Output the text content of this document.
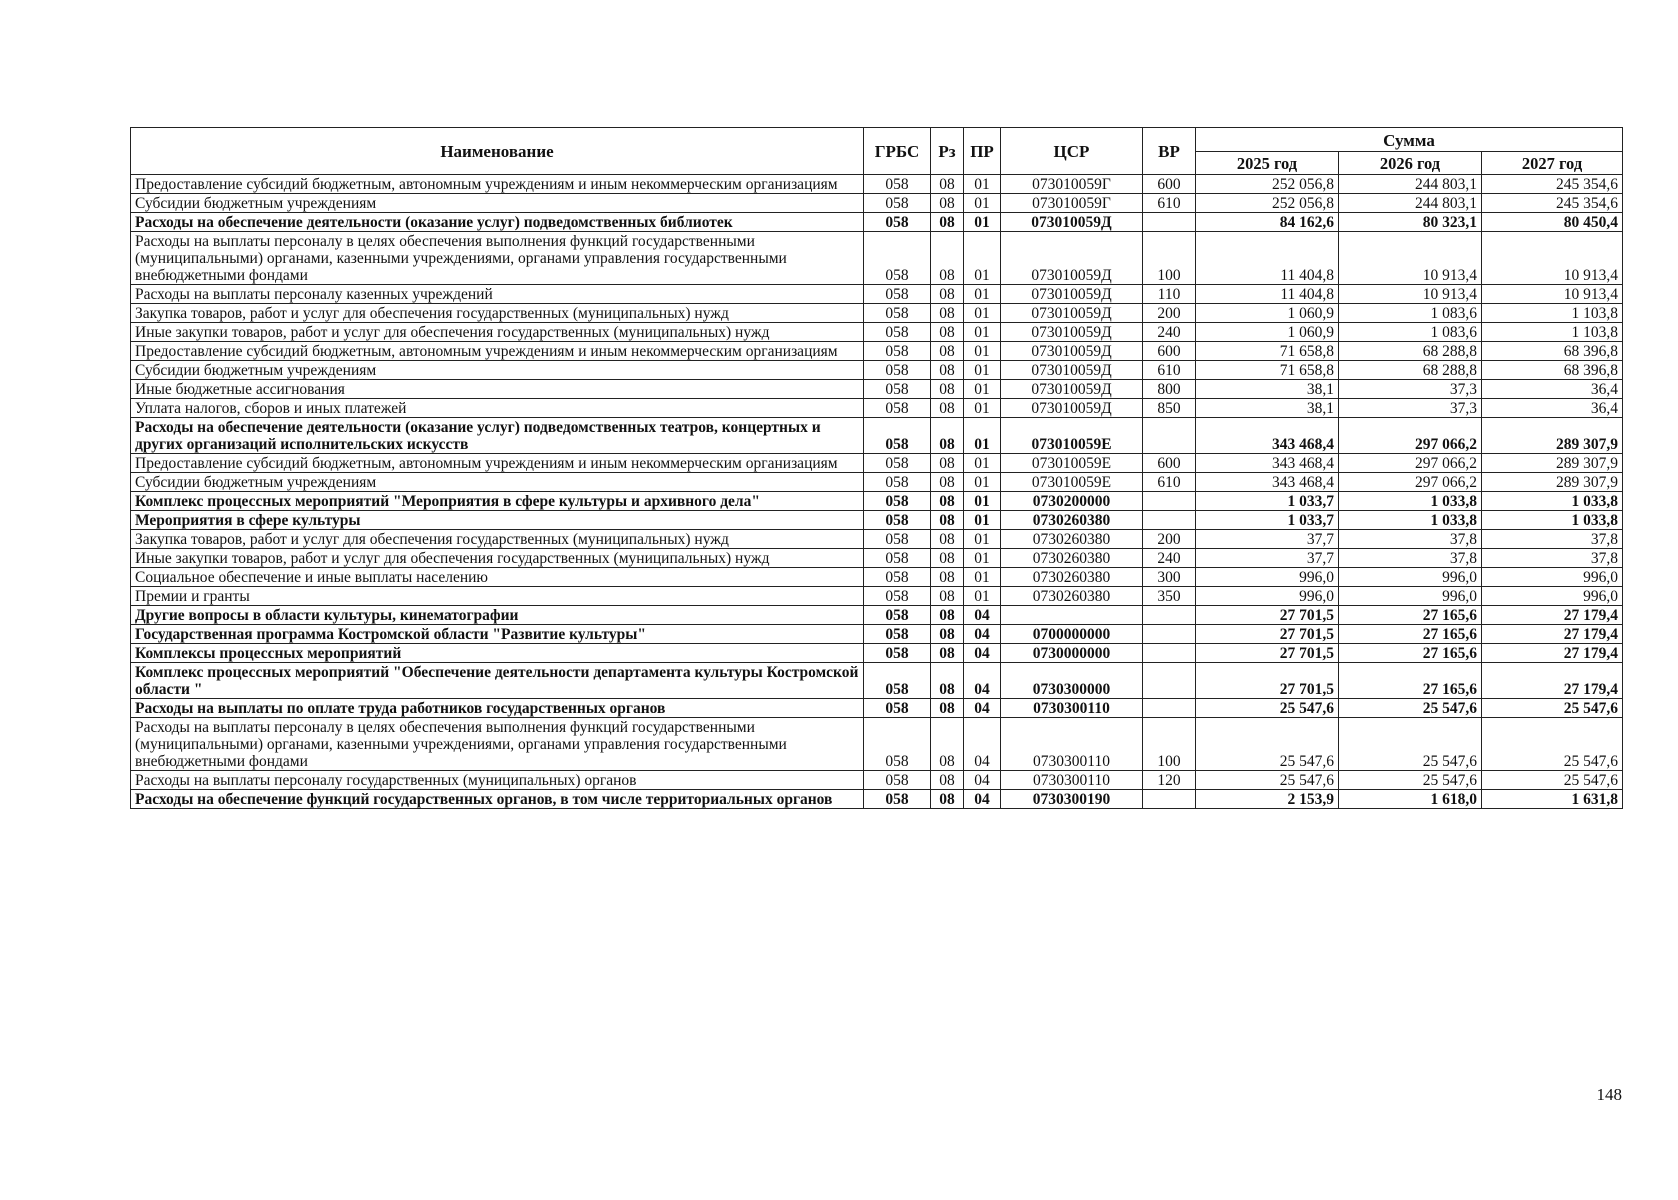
Наименование	ГРБС	Рз	ПР	ЦСР	ВР	Сумма		
						2025 год	2026 год	2027 год
Предоставление субсидий бюджетным, автономным учреждениям и иным некоммерческим организациям	058	08	01	073010059Г	600	252 056,8	244 803,1	245 354,6
Субсидии бюджетным учреждениям	058	08	01	073010059Г	610	252 056,8	244 803,1	245 354,6
Расходы на обеспечение деятельности (оказание услуг) подведомственных библиотек	058	08	01	073010059Д		84 162,6	80 323,1	80 450,4
Расходы на выплаты персоналу в целях обеспечения выполнения функций государственными (муниципальными) органами, казенными учреждениями, органами управления государственными внебюджетными фондами	058	08	01	073010059Д	100	11 404,8	10 913,4	10 913,4
Расходы на выплаты персоналу казенных учреждений	058	08	01	073010059Д	110	11 404,8	10 913,4	10 913,4
Закупка товаров, работ и услуг для обеспечения государственных (муниципальных) нужд	058	08	01	073010059Д	200	1 060,9	1 083,6	1 103,8
Иные закупки товаров, работ и услуг для обеспечения государственных (муниципальных) нужд	058	08	01	073010059Д	240	1 060,9	1 083,6	1 103,8
Предоставление субсидий бюджетным, автономным учреждениям и иным некоммерческим организациям	058	08	01	073010059Д	600	71 658,8	68 288,8	68 396,8
Субсидии бюджетным учреждениям	058	08	01	073010059Д	610	71 658,8	68 288,8	68 396,8
Иные бюджетные ассигнования	058	08	01	073010059Д	800	38,1	37,3	36,4
Уплата налогов, сборов и иных платежей	058	08	01	073010059Д	850	38,1	37,3	36,4
Расходы на обеспечение деятельности (оказание услуг) подведомственных театров, концертных и других организаций исполнительских искусств	058	08	01	073010059Е		343 468,4	297 066,2	289 307,9
Предоставление субсидий бюджетным, автономным учреждениям и иным некоммерческим организациям	058	08	01	073010059Е	600	343 468,4	297 066,2	289 307,9
Субсидии бюджетным учреждениям	058	08	01	073010059Е	610	343 468,4	297 066,2	289 307,9
Комплекс процессных мероприятий "Мероприятия в сфере культуры и архивного дела"	058	08	01	0730200000		1 033,7	1 033,8	1 033,8
Мероприятия в сфере культуры	058	08	01	0730260380		1 033,7	1 033,8	1 033,8
Закупка товаров, работ и услуг для обеспечения государственных (муниципальных) нужд	058	08	01	0730260380	200	37,7	37,8	37,8
Иные закупки товаров, работ и услуг для обеспечения государственных (муниципальных) нужд	058	08	01	0730260380	240	37,7	37,8	37,8
Социальное обеспечение и иные выплаты населению	058	08	01	0730260380	300	996,0	996,0	996,0
Премии и гранты	058	08	01	0730260380	350	996,0	996,0	996,0
Другие вопросы в области культуры, кинематографии	058	08	04			27 701,5	27 165,6	27 179,4
Государственная программа Костромской области "Развитие культуры"	058	08	04	0700000000		27 701,5	27 165,6	27 179,4
Комплексы процессных мероприятий	058	08	04	0730000000		27 701,5	27 165,6	27 179,4
Комплекс процессных мероприятий "Обеспечение деятельности департамента культуры Костромской области "	058	08	04	0730300000		27 701,5	27 165,6	27 179,4
Расходы на выплаты по оплате труда работников государственных органов	058	08	04	0730300110		25 547,6	25 547,6	25 547,6
Расходы на выплаты персоналу в целях обеспечения выполнения функций государственными (муниципальными) органами, казенными учреждениями, органами управления государственными внебюджетными фондами	058	08	04	0730300110	100	25 547,6	25 547,6	25 547,6
Расходы на выплаты персоналу государственных (муниципальных) органов	058	08	04	0730300110	120	25 547,6	25 547,6	25 547,6
Расходы на обеспечение функций государственных органов, в том числе территориальных органов	058	08	04	0730300190		2 153,9	1 618,0	1 631,8
148
